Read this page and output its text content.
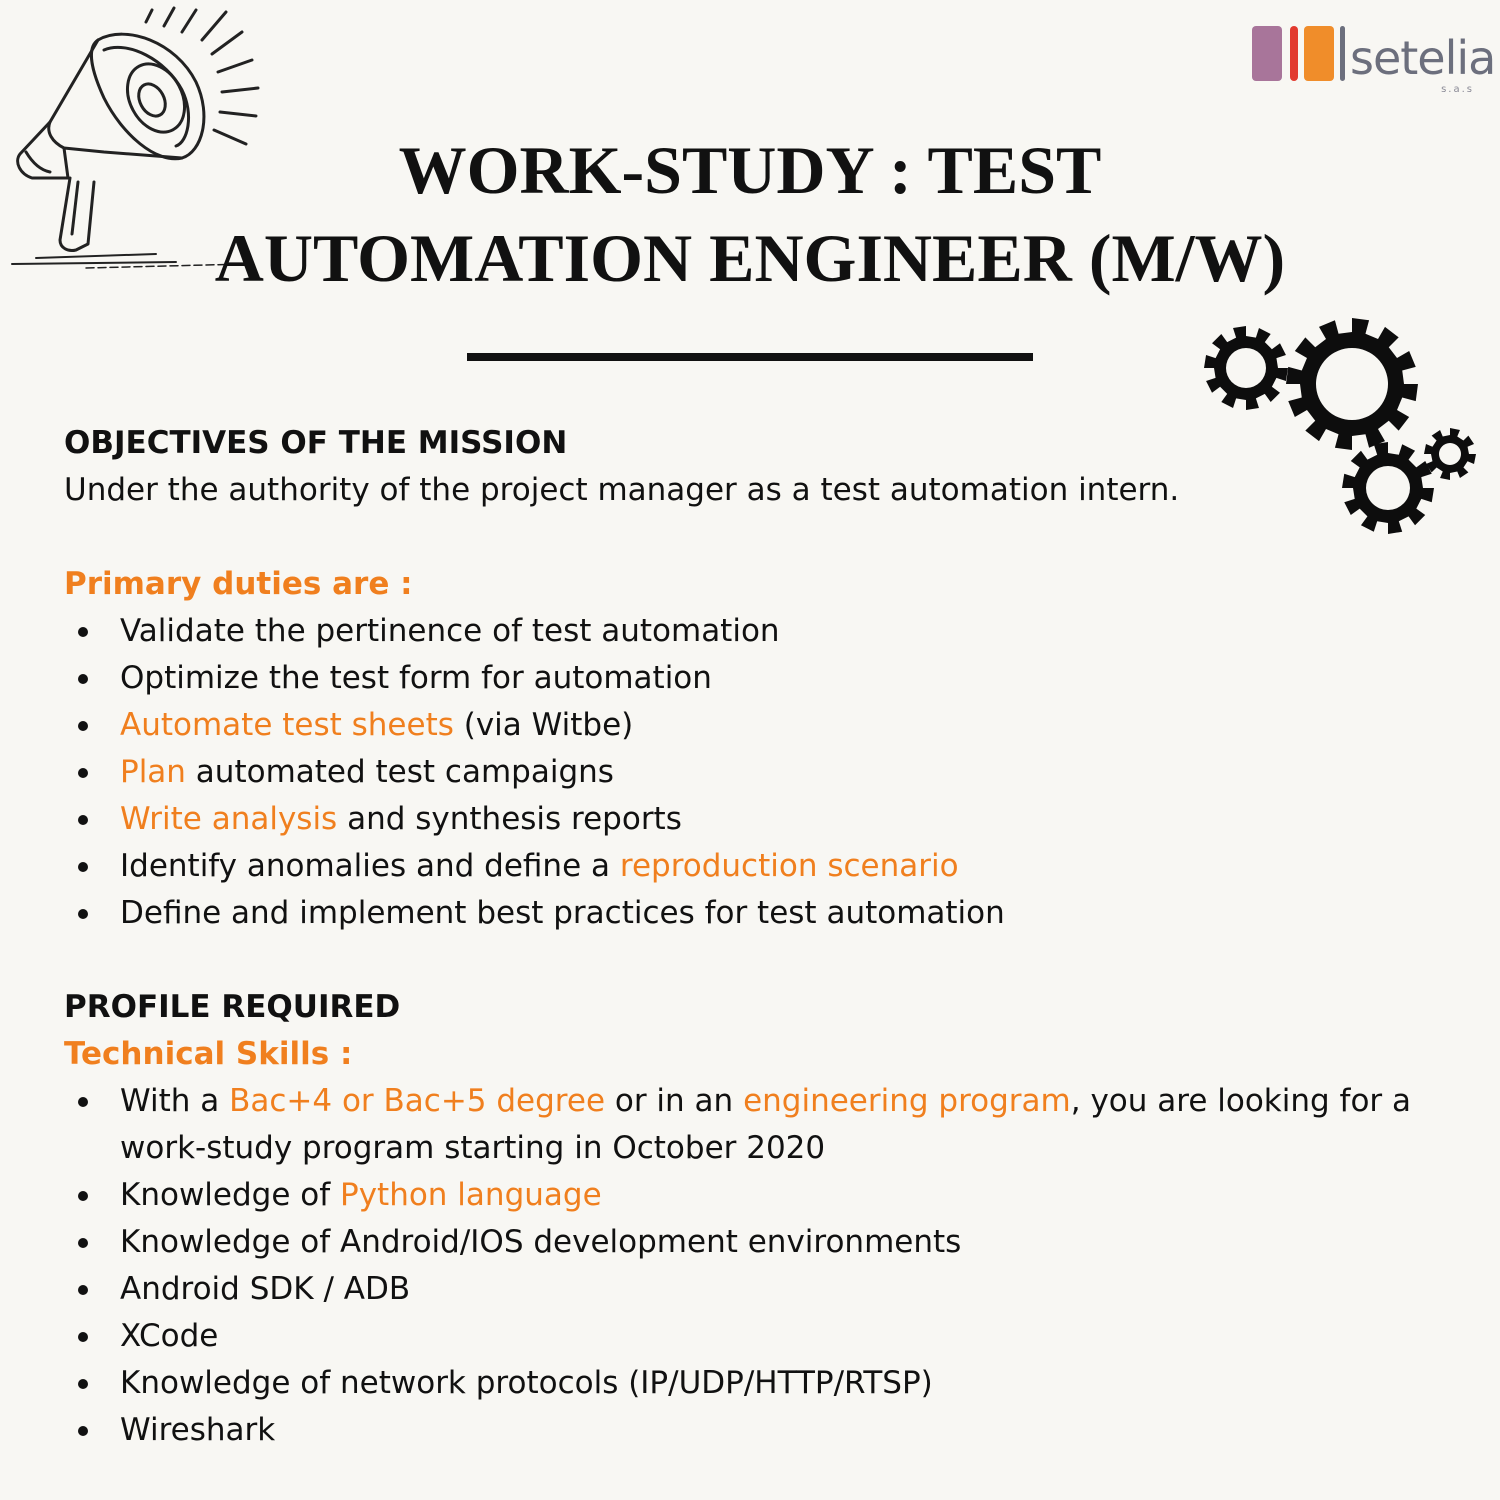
setelia
s.a.s
WORK-STUDY : TEST
AUTOMATION ENGINEER (M/W)

OBJECTIVES OF THE MISSION

Under the authority of the project manager as a test automation intern.

Primary duties are :

Validate the pertinence of test automation
Optimize the test form for automation
Automate test sheets (via Witbe)
Plan automated test campaigns
Write analysis and synthesis reports
Identify anomalies and define a reproduction scenario
Define and implement best practices for test automation

PROFILE REQUIRED

Technical Skills :

With a Bac+4 or Bac+5 degree or in an engineering program, you are looking for a work-study program starting in October 2020
Knowledge of Python language
Knowledge of Android/IOS development environments
Android SDK / ADB
XCode
Knowledge of network protocols (IP/UDP/HTTP/RTSP)
Wireshark
